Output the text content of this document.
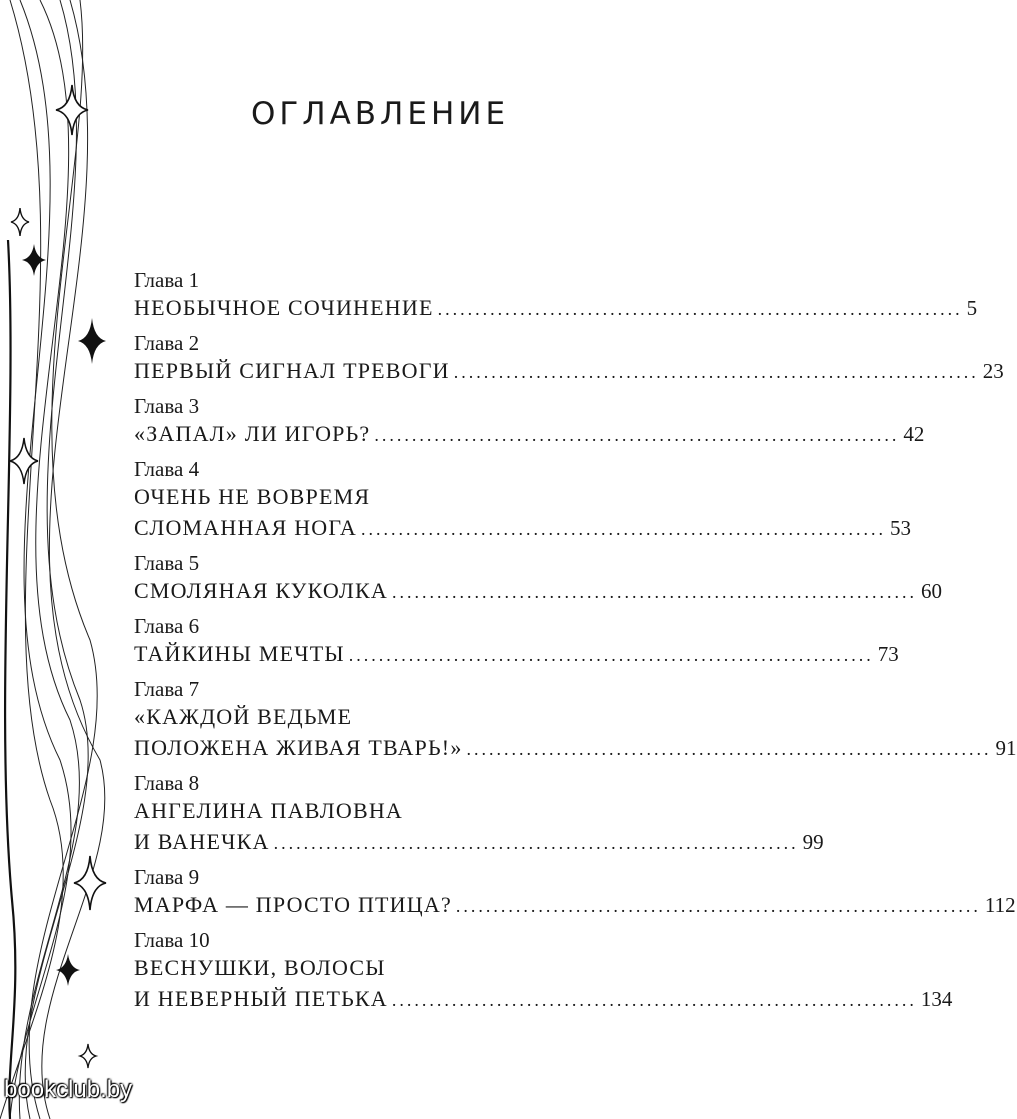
ОГЛАВЛЕНИЕ
Глава 1
НЕОБЫЧНОЕ СОЧИНЕНИЕ ...................................................................... 5
Глава 2
ПЕРВЫЙ СИГНАЛ ТРЕВОГИ ...................................................................... 23
Глава 3
«ЗАПАЛ» ЛИ ИГОРЬ? ...................................................................... 42
Глава 4
ОЧЕНЬ НЕ ВОВРЕМЯ
СЛОМАННАЯ НОГА ...................................................................... 53
Глава 5
СМОЛЯНАЯ КУКОЛКА ...................................................................... 60
Глава 6
ТАЙКИНЫ МЕЧТЫ ...................................................................... 73
Глава 7
«КАЖДОЙ ВЕДЬМЕ
ПОЛОЖЕНА ЖИВАЯ ТВАРЬ!» ...................................................................... 91
Глава 8
АНГЕЛИНА ПАВЛОВНА
И ВАНЕЧКА ...................................................................... 99
Глава 9
МАРФА — ПРОСТО ПТИЦА? ...................................................................... 112
Глава 10
ВЕСНУШКИ, ВОЛОСЫ
И НЕВЕРНЫЙ ПЕТЬКА ...................................................................... 134
bookclub.by
